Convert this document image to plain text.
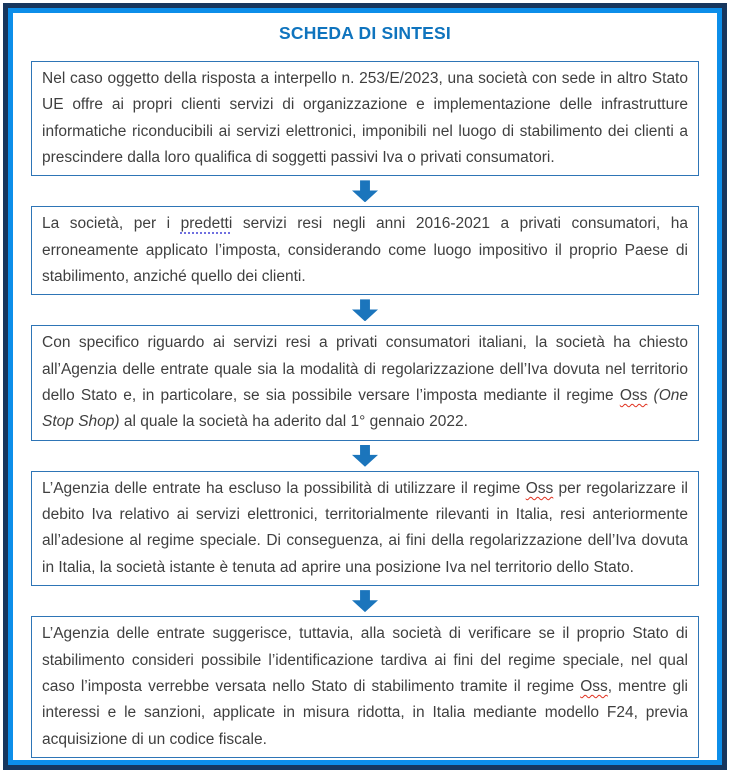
SCHEDA DI SINTESI
Nel caso oggetto della risposta a interpello n. 253/E/2023, una società con sede in altro Stato UE offre ai propri clienti servizi di organizzazione e implementazione delle infrastrutture informatiche riconducibili ai servizi elettronici, imponibili nel luogo di stabilimento dei clienti a prescindere dalla loro qualifica di soggetti passivi Iva o privati consumatori.
La società, per i predetti servizi resi negli anni 2016-2021 a privati consumatori, ha erroneamente applicato l’imposta, considerando come luogo impositivo il proprio Paese di stabilimento, anziché quello dei clienti.
Con specifico riguardo ai servizi resi a privati consumatori italiani, la società ha chiesto all’Agenzia delle entrate quale sia la modalità di regolarizzazione dell’Iva dovuta nel territorio dello Stato e, in particolare, se sia possibile versare l’imposta mediante il regime Oss (One Stop Shop) al quale la società ha aderito dal 1° gennaio 2022.
L’Agenzia delle entrate ha escluso la possibilità di utilizzare il regime Oss per regolarizzare il debito Iva relativo ai servizi elettronici, territorialmente rilevanti in Italia, resi anteriormente all’adesione al regime speciale. Di conseguenza, ai fini della regolarizzazione dell’Iva dovuta in Italia, la società istante è tenuta ad aprire una posizione Iva nel territorio dello Stato.
L’Agenzia delle entrate suggerisce, tuttavia, alla società di verificare se il proprio Stato di stabilimento consideri possibile l’identificazione tardiva ai fini del regime speciale, nel qual caso l’imposta verrebbe versata nello Stato di stabilimento tramite il regime Oss, mentre gli interessi e le sanzioni, applicate in misura ridotta, in Italia mediante modello F24, previa acquisizione di un codice fiscale.
